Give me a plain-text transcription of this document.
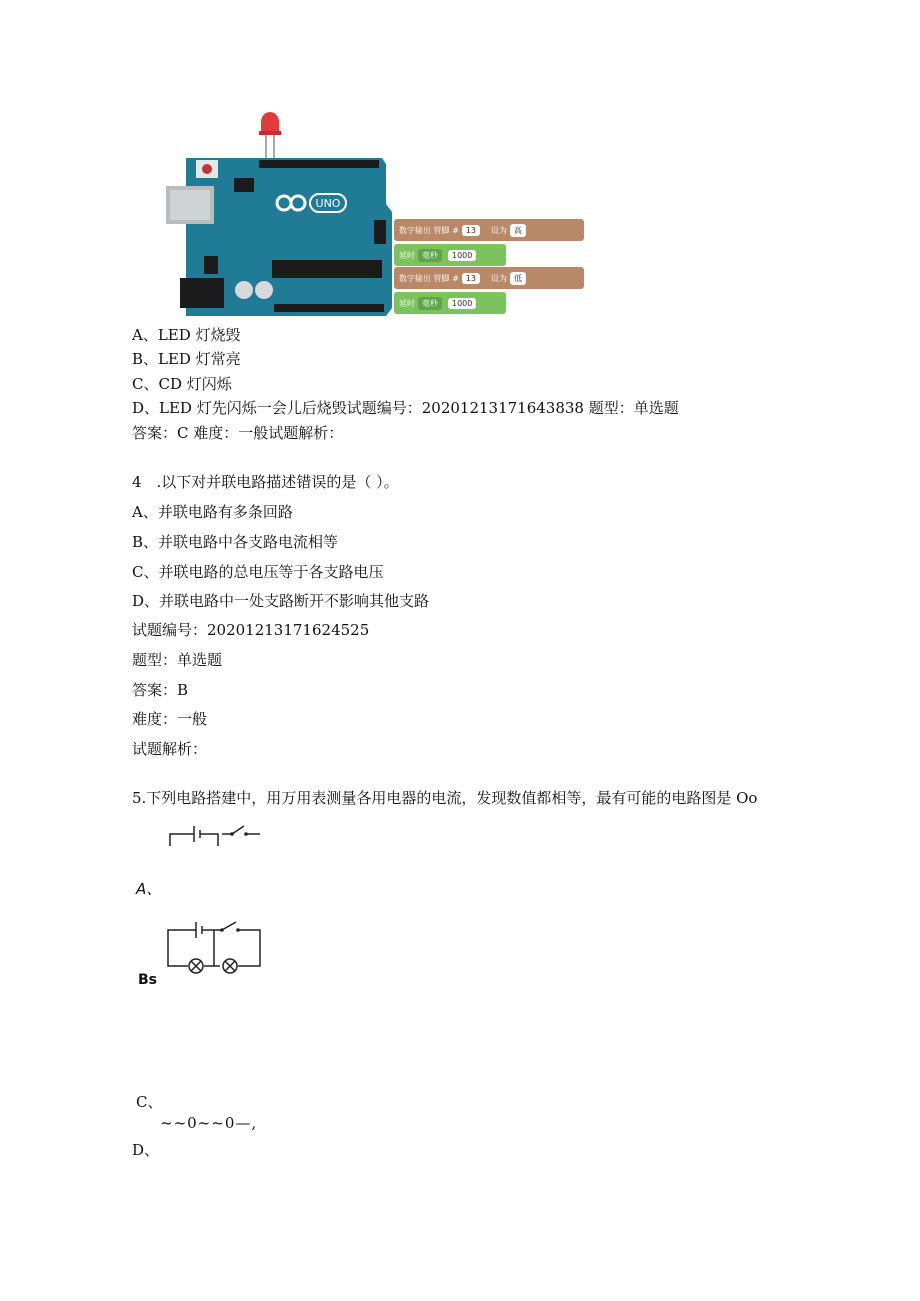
UNO
数字输出 管脚 # 13	设为 高
延时 毫秒	1000
数字输出 管脚 # 13	设为 低
延时 毫秒	1000
A、LED 灯烧毁
B、LED 灯常亮
C、CD 灯闪烁
D、LED 灯先闪烁一会儿后烧毁试题编号：20201213171643838 题型：单选题
答案：C 难度：一般试题解析：
4　.以下对并联电路描述错误的是（ ）。
A、并联电路有多条回路
B、并联电路中各支路电流相等
C、并联电路的总电压等于各支路电压
D、并联电路中一处支路断开不影响其他支路
试题编号：20201213171624525
题型：单选题
答案：B
难度：一般
试题解析：
5.下列电路搭建中，用万用表测量各用电器的电流，发现数值都相等，最有可能的电路图是 Oo
A、
Bs
C、
~~0~~0—,
D、
